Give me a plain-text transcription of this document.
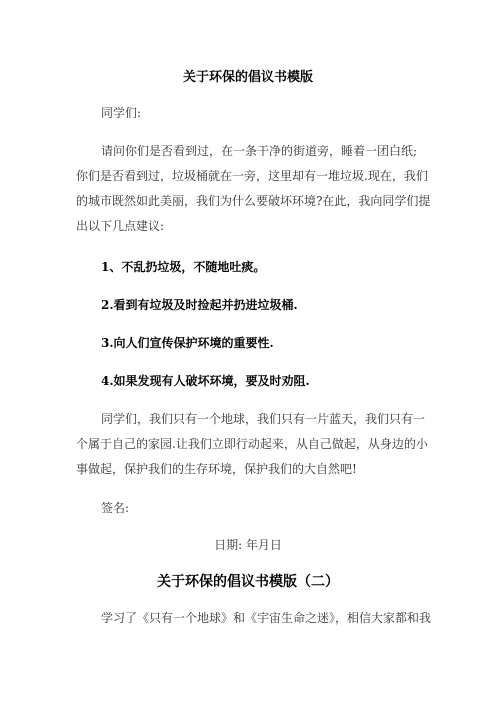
关于环保的倡议书模版
同学们:
请问你们是否看到过，在一条干净的街道旁，睡着一团白纸;
你们是否看到过，垃圾桶就在一旁，这里却有一堆垃圾.现在，我们
的城市既然如此美丽，我们为什么要破坏环境?在此，我向同学们提
出以下几点建议:
1、不乱扔垃圾，不随地吐痰。
2.看到有垃圾及时捡起并扔进垃圾桶.
3.向人们宣传保护环境的重要性.
4.如果发现有人破坏环境，要及时劝阻.
同学们，我们只有一个地球，我们只有一片蓝天，我们只有一
个属于自己的家园.让我们立即行动起来，从自己做起，从身边的小
事做起，保护我们的生存环境，保护我们的大自然吧!
签名:
日期: 年月日
关于环保的倡议书模版（二）
学习了《只有一个地球》和《宇宙生命之迷》，相信大家都和我
